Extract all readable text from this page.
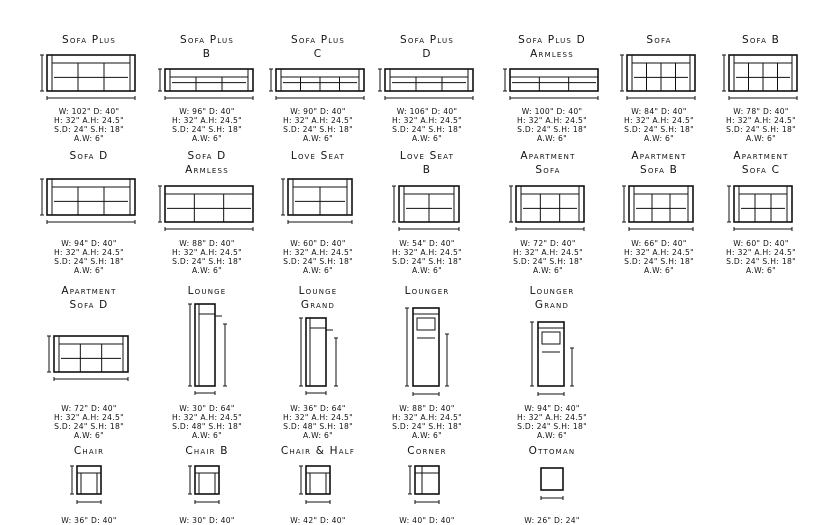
Sofa Plus
W: 102" D: 40"
H: 32" A.H: 24.5"
S.D: 24" S.H: 18"
A.W: 6"
Sofa Plus
B
W: 96" D: 40"
H: 32" A.H: 24.5"
S.D: 24" S.H: 18"
A.W: 6"
Sofa Plus
C
W: 90" D: 40"
H: 32" A.H: 24.5"
S.D: 24" S.H: 18"
A.W: 6"
Sofa Plus
D
W: 106" D: 40"
H: 32" A.H: 24.5"
S.D: 24" S.H: 18"
A.W: 6"
Sofa Plus D
Armless
W: 100" D: 40"
H: 32" A.H: 24.5"
S.D: 24" S.H: 18"
A.W: 6"
Sofa
W: 84" D: 40"
H: 32" A.H: 24.5"
S.D: 24" S.H: 18"
A.W: 6"
Sofa B
W: 78" D: 40"
H: 32" A.H: 24.5"
S.D: 24" S.H: 18"
A.W: 6"
Sofa D
W: 94" D: 40"
H: 32" A.H: 24.5"
S.D: 24" S.H: 18"
A.W: 6"
Sofa D
Armless
W: 88" D: 40"
H: 32" A.H: 24.5"
S.D: 24" S.H: 18"
A.W: 6"
Love Seat
W: 60" D: 40"
H: 32" A.H: 24.5"
S.D: 24" S.H: 18"
A.W: 6"
Love Seat
B
W: 54" D: 40"
H: 32" A.H: 24.5"
S.D: 24" S.H: 18"
A.W: 6"
Apartment
Sofa
W: 72" D: 40"
H: 32" A.H: 24.5"
S.D: 24" S.H: 18"
A.W: 6"
Apartment
Sofa B
W: 66" D: 40"
H: 32" A.H: 24.5"
S.D: 24" S.H: 18"
A.W: 6"
Apartment
Sofa C
W: 60" D: 40"
H: 32" A.H: 24.5"
S.D: 24" S.H: 18"
A.W: 6"
Apartment
Sofa D
W: 72" D: 40"
H: 32" A.H: 24.5"
S.D: 24" S.H: 18"
A.W: 6"
Lounge
W: 30" D: 64"
H: 32" A.H: 24.5"
S.D: 48" S.H: 18"
A.W: 6"
Lounge
Grand
W: 36" D: 64"
H: 32" A.H: 24.5"
S.D: 48" S.H: 18"
A.W: 6"
Lounger
W: 88" D: 40"
H: 32" A.H: 24.5"
S.D: 24" S.H: 18"
A.W: 6"
Lounger
Grand
W: 94" D: 40"
H: 32" A.H: 24.5"
S.D: 24" S.H: 18"
A.W: 6"
Chair
W: 36" D: 40"
Chair B
W: 30" D: 40"
Chair & Half
W: 42" D: 40"
Corner
W: 40" D: 40"
Ottoman
W: 26" D: 24"
